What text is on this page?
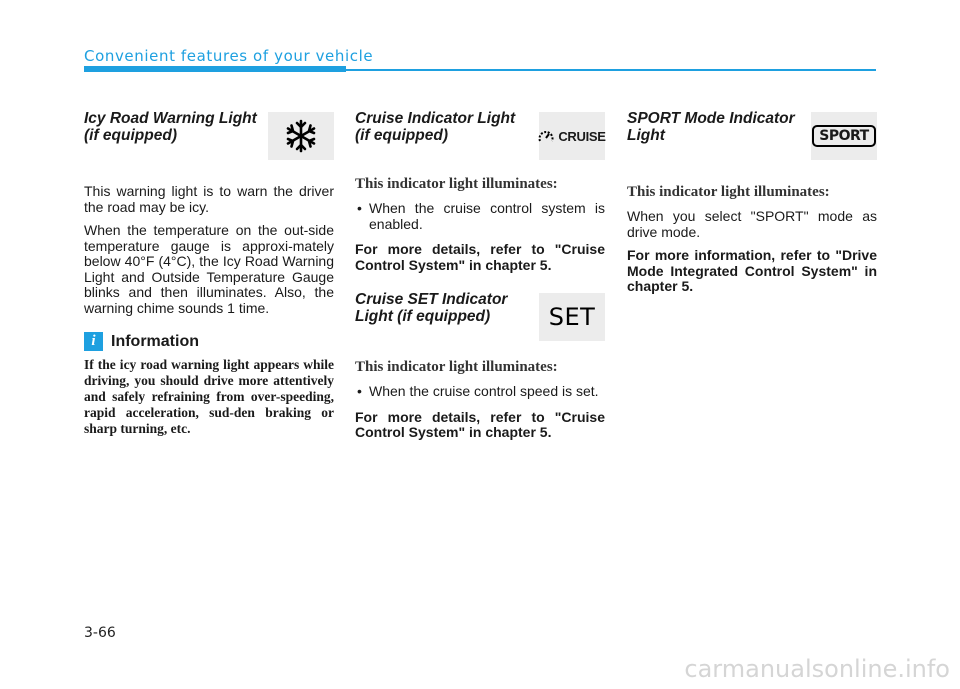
Convenient features of your vehicle
Icy Road Warning Light
(if equipped)

This warning light is to warn the driver the road may be icy.

When the temperature on the out-side temperature gauge is approxi-mately below 40°F (4°C), the Icy Road Warning Light and Outside Temperature Gauge blinks and then illuminates. Also, the warning chime sounds 1 time.

i Information
If the icy road warning light appears while driving, you should drive more attentively and safely refraining from over-speeding, rapid acceleration, sud-den braking or sharp turning, etc.
Cruise Indicator Light
(if equipped)	CRUISE
This indicator light illuminates:
• When the cruise control system is enabled.
For more details, refer to "Cruise Control System" in chapter 5.
Cruise SET Indicator
Light (if equipped)	SET
This indicator light illuminates:
• When the cruise control speed is set.
For more details, refer to "Cruise Control System" in chapter 5.
SPORT Mode Indicator
Light	SPORT
This indicator light illuminates:

When you select "SPORT" mode as drive mode.

For more information, refer to "Drive Mode Integrated Control System" in chapter 5.
3-66
carmanualsonline.info
